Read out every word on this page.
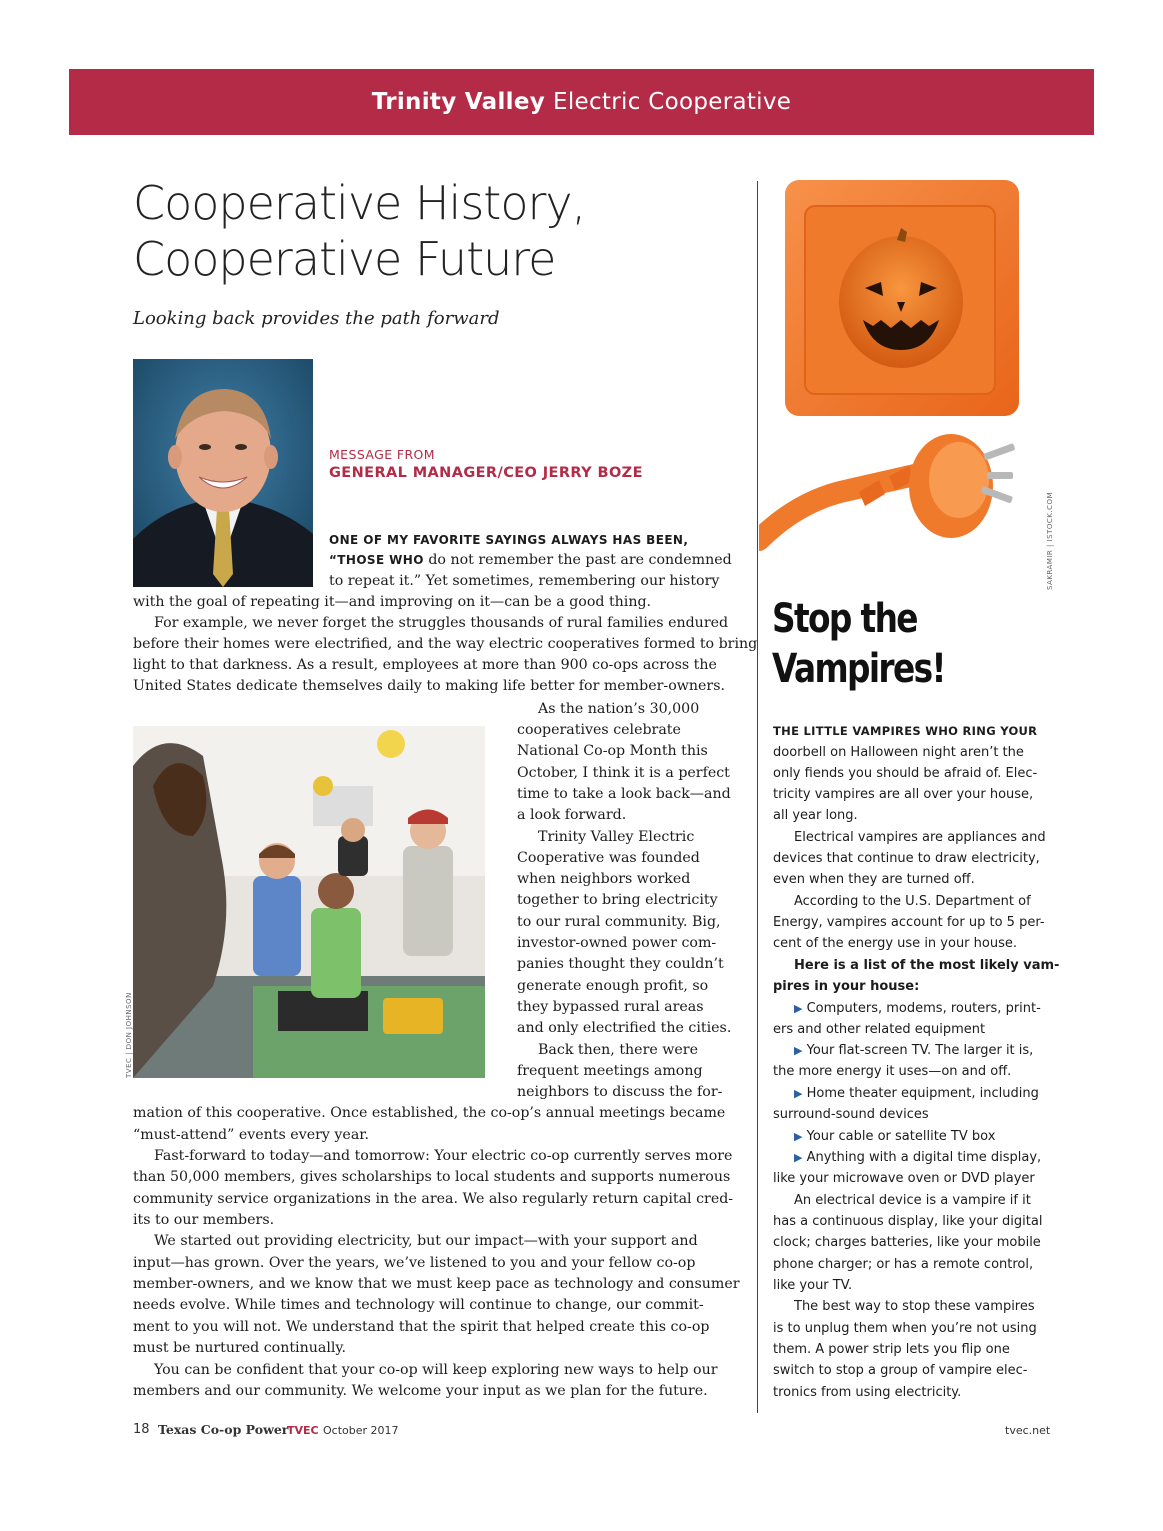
Trinity Valley Electric Cooperative
Cooperative History,
Cooperative Future
Looking back provides the path forward
MESSAGE FROM
GENERAL MANAGER/CEO JERRY BOZE
ONE OF MY FAVORITE SAYINGS ALWAYS HAS BEEN,
“THOSE WHO do not remember the past are condemned
to repeat it.” Yet sometimes, remembering our history
with the goal of repeating it—and improving on it—can be a good thing.
For example, we never forget the struggles thousands of rural families endured
before their homes were electrified, and the way electric cooperatives formed to bring
light to that darkness. As a result, employees at more than 900 co-ops across the
United States dedicate themselves daily to making life better for member-owners.
As the nation’s 30,000
cooperatives celebrate
National Co-op Month this
October, I think it is a perfect
time to take a look back—and
a look forward.
Trinity Valley Electric
Cooperative was founded
when neighbors worked
together to bring electricity
to our rural community. Big,
investor-owned power com-
panies thought they couldn’t
generate enough profit, so
they bypassed rural areas
and only electrified the cities.
Back then, there were
frequent meetings among
neighbors to discuss the for-
mation of this cooperative. Once established, the co-op’s annual meetings became
“must-attend” events every year.
Fast-forward to today—and tomorrow: Your electric co-op currently serves more
than 50,000 members, gives scholarships to local students and supports numerous
community service organizations in the area. We also regularly return capital cred-
its to our members.
We started out providing electricity, but our impact—with your support and
input—has grown. Over the years, we’ve listened to you and your fellow co-op
member-owners, and we know that we must keep pace as technology and consumer
needs evolve. While times and technology will continue to change, our commit-
ment to you will not. We understand that the spirit that helped create this co-op
must be nurtured continually.
You can be confident that your co-op will keep exploring new ways to help our
members and our community. We welcome your input as we plan for the future.
TVEC | DON JOHNSON
SAKRAMIR | ISTOCK.COM
Stop the
Vampires!
THE LITTLE VAMPIRES WHO RING YOUR
doorbell on Halloween night aren’t the
only fiends you should be afraid of. Elec-
tricity vampires are all over your house,
all year long.
Electrical vampires are appliances and
devices that continue to draw electricity,
even when they are turned off.
According to the U.S. Department of
Energy, vampires account for up to 5 per-
cent of the energy use in your house.
Here is a list of the most likely vam-
pires in your house:
▶ Computers, modems, routers, print-
ers and other related equipment
▶ Your flat-screen TV. The larger it is,
the more energy it uses—on and off.
▶ Home theater equipment, including
surround-sound devices
▶ Your cable or satellite TV box
▶ Anything with a digital time display,
like your microwave oven or DVD player
An electrical device is a vampire if it
has a continuous display, like your digital
clock; charges batteries, like your mobile
phone charger; or has a remote control,
like your TV.
The best way to stop these vampires
is to unplug them when you’re not using
them. A power strip lets you flip one
switch to stop a group of vampire elec-
tronics from using electricity.
18 Texas Co-op Power
TVEC October 2017	tvec.net
